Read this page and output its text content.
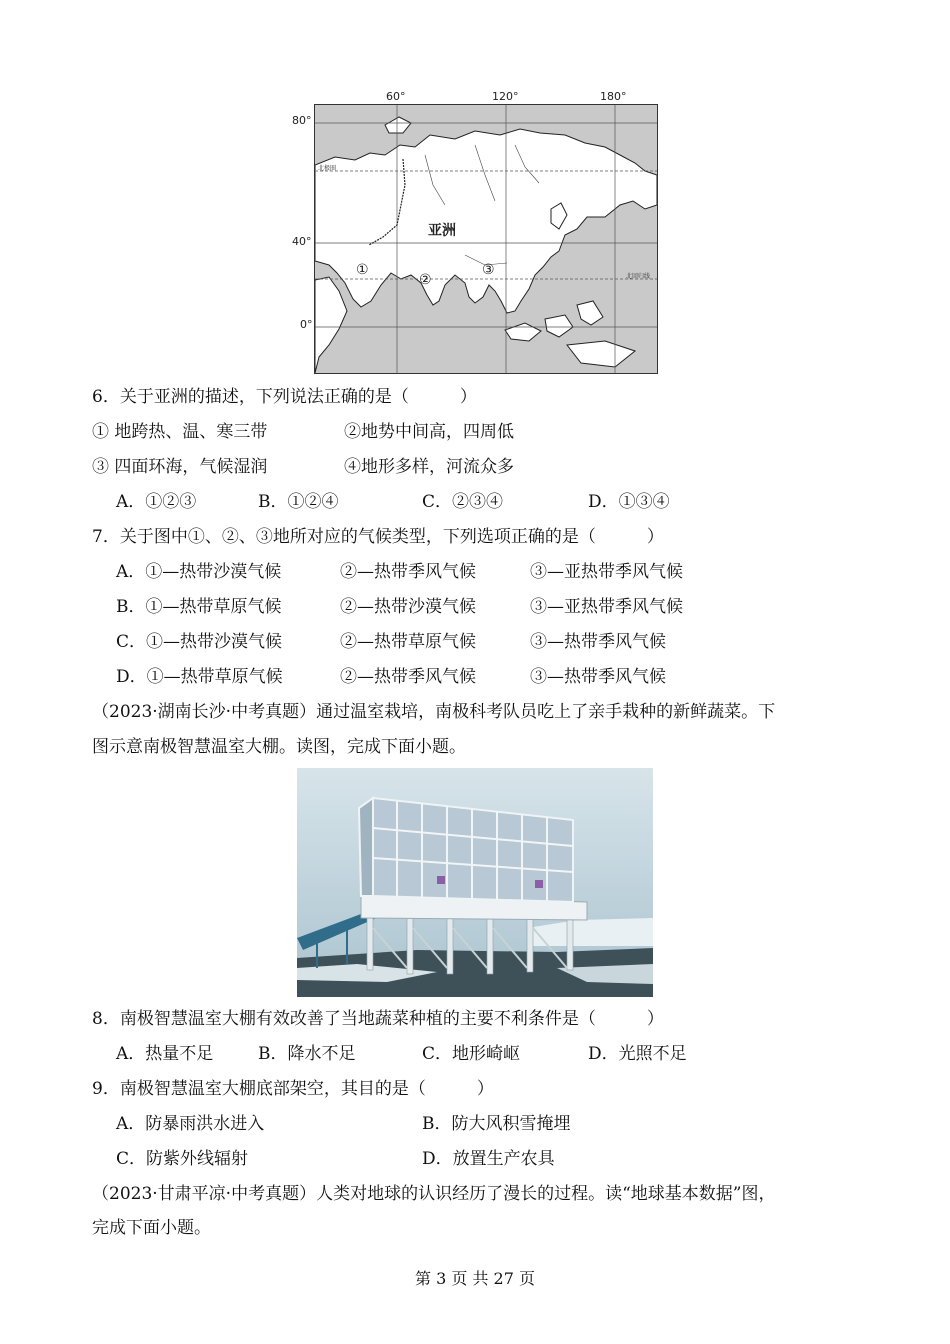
60°	120°	180°
80°
40°
0°
亚洲
北极圈
北回归线
①
②
③
6．关于亚洲的描述，下列说法正确的是（　　　）
① 地跨热、温、寒三带	②地势中间高，四周低
③ 四面环海，气候湿润	④地形多样，河流众多
A．①②③	B．①②④	C．②③④	D．①③④
7．关于图中①、②、③地所对应的气候类型，下列选项正确的是（　　　）
A．①—热带沙漠气候	②—热带季风气候	③—亚热带季风气候
B．①—热带草原气候	②—热带沙漠气候	③—亚热带季风气候
C．①—热带沙漠气候	②—热带草原气候	③—热带季风气候
D．①—热带草原气候	②—热带季风气候	③—热带季风气候
（2023·湖南长沙·中考真题）通过温室栽培，南极科考队员吃上了亲手栽种的新鲜蔬菜。下
图示意南极智慧温室大棚。读图，完成下面小题。
8．南极智慧温室大棚有效改善了当地蔬菜种植的主要不利条件是（　　　）
A．热量不足	B．降水不足	C．地形崎岖	D．光照不足
9．南极智慧温室大棚底部架空，其目的是（　　　）
A．防暴雨洪水进入	B．防大风积雪掩埋
C．防紫外线辐射	D．放置生产农具
（2023·甘肃平凉·中考真题）人类对地球的认识经历了漫长的过程。读“地球基本数据”图，
完成下面小题。
第 3 页 共 27 页
